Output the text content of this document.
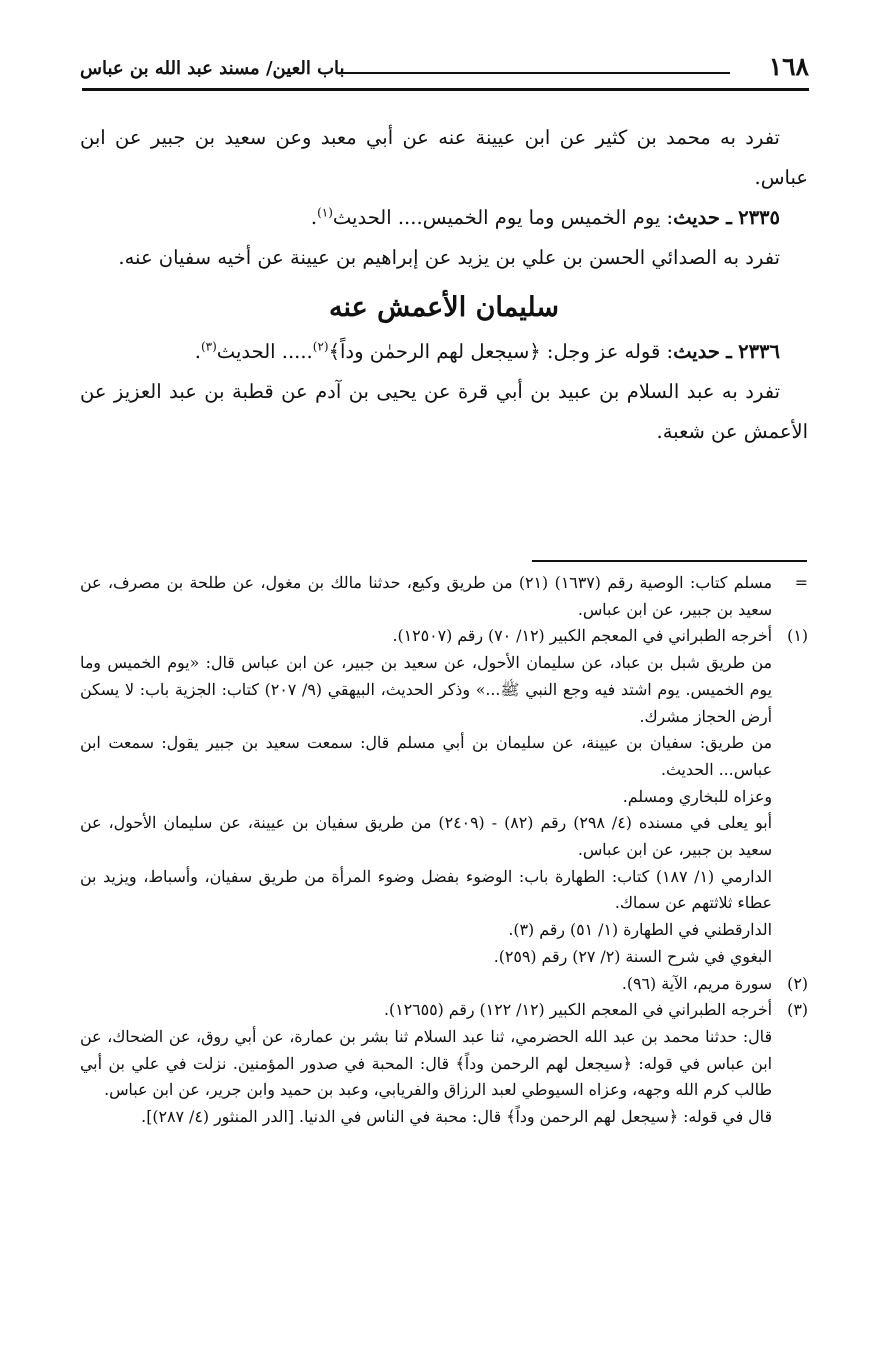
١٦٨
باب العين/ مسند عبد الله بن عباس

تفرد به محمد بن كثير عن ابن عيينة عنه عن أبي معبد وعن سعيد بن جبير عن ابن عباس.

٢٣٣٥ ـ حديث: يوم الخميس وما يوم الخميس.... الحديث$^{(١)}$.

تفرد به الصدائي الحسن بن علي بن يزيد عن إبراهيم بن عيينة عن أخيه سفيان عنه.

سليمان الأعمش عنه

٢٣٣٦ ـ حديث: قوله عز وجل: ﴿سيجعل لهم الرحمٰن وداً﴾$^{(٢)}$..... الحديث$^{(٣)}$.

تفرد به عبد السلام بن عبيد بن أبي قرة عن يحيى بن آدم عن قطبة بن عبد العزيز عن الأعمش عن شعبة.

=
مسلم كتاب: الوصية رقم (١٦٣٧) (٢١) من طريق وكيع، حدثنا مالك بن مغول، عن طلحة بن مصرف، عن سعيد بن جبير، عن ابن عباس.

(١)
أخرجه الطبراني في المعجم الكبير (١٢/ ٧٠) رقم (١٢٥٠٧).

من طريق شبل بن عباد، عن سليمان الأحول، عن سعيد بن جبير، عن ابن عباس قال: «يوم الخميس وما يوم الخميس. يوم اشتد فيه وجع النبي ﷺ...» وذكر الحديث، البيهقي (٩/ ٢٠٧) كتاب: الجزية باب: لا يسكن أرض الحجاز مشرك.

من طريق: سفيان بن عيينة، عن سليمان بن أبي مسلم قال: سمعت سعيد بن جبير يقول: سمعت ابن عباس... الحديث.

وعزاه للبخاري ومسلم.

أبو يعلى في مسنده (٤/ ٢٩٨) رقم (٨٢) - (٢٤٠٩) من طريق سفيان بن عيينة، عن سليمان الأحول، عن سعيد بن جبير، عن ابن عباس.

الدارمي (١/ ١٨٧) كتاب: الطهارة باب: الوضوء بفضل وضوء المرأة من طريق سفيان، وأسباط، ويزيد بن عطاء ثلاثتهم عن سماك.

الدارقطني في الطهارة (١/ ٥١) رقم (٣).

البغوي في شرح السنة (٢/ ٢٧) رقم (٢٥٩).

(٢)
سورة مريم، الآية (٩٦).

(٣)
أخرجه الطبراني في المعجم الكبير (١٢/ ١٢٢) رقم (١٢٦٥٥).

قال: حدثنا محمد بن عبد الله الحضرمي، ثنا عبد السلام ثنا بشر بن عمارة، عن أبي روق، عن الضحاك، عن ابن عباس في قوله: ﴿سيجعل لهم الرحمن وداً﴾ قال: المحبة في صدور المؤمنين. نزلت في علي بن أبي طالب كرم الله وجهه، وعزاه السيوطي لعبد الرزاق والفريابي، وعبد بن حميد وابن جرير، عن ابن عباس.

قال في قوله: ﴿سيجعل لهم الرحمن وداً﴾ قال: محبة في الناس في الدنيا. [الدر المنثور (٤/ ٢٨٧)].
